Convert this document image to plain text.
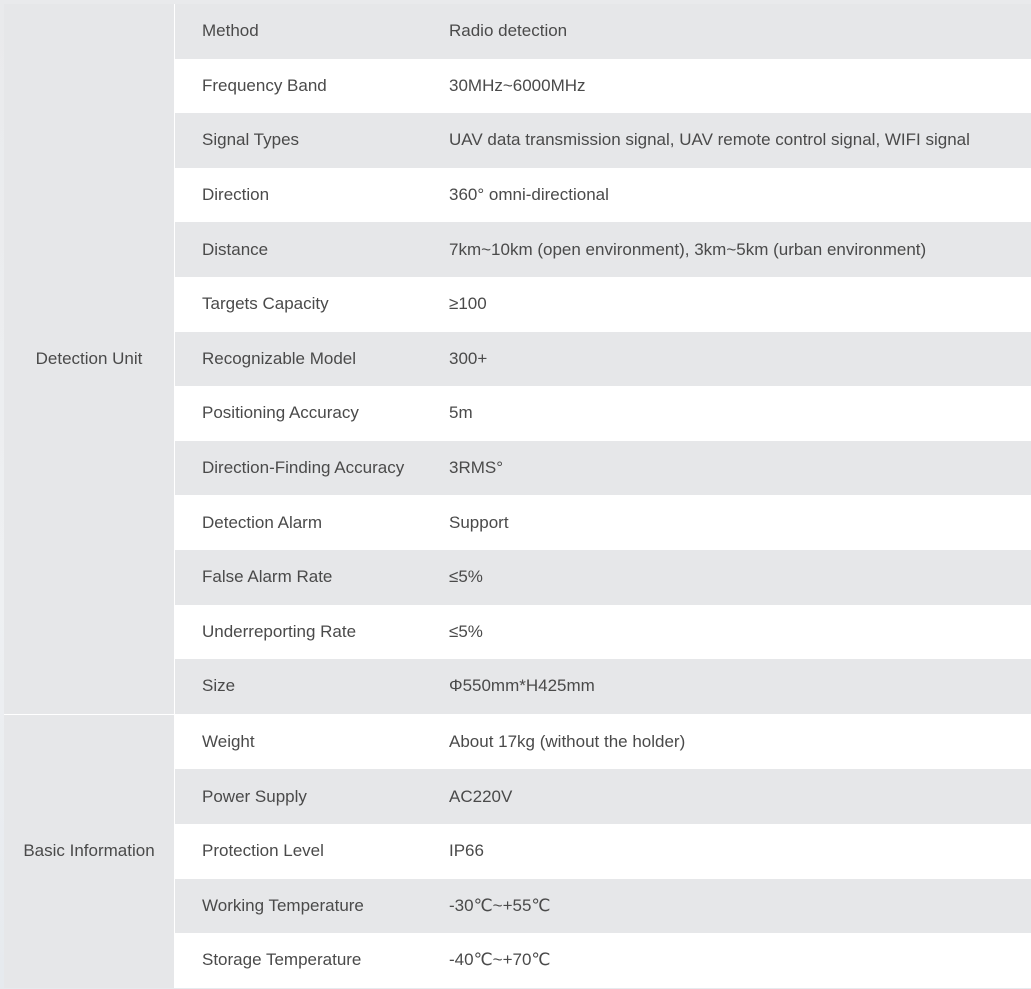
Detection Unit
Method	Radio detection
Frequency Band	30MHz~6000MHz
Signal Types	UAV data transmission signal, UAV remote control signal, WIFI signal
Direction	360° omni-directional
Distance	7km~10km (open environment), 3km~5km (urban environment)
Targets Capacity	≥100
Recognizable Model	300+
Positioning Accuracy	5m
Direction-Finding Accuracy	3RMS°
Detection Alarm	Support
False Alarm Rate	≤5%
Underreporting Rate	≤5%
Size	Φ550mm*H425mm
Basic Information
Weight	About 17kg (without the holder)
Power Supply	AC220V
Protection Level	IP66
Working Temperature	-30℃~+55℃
Storage Temperature	-40℃~+70℃
